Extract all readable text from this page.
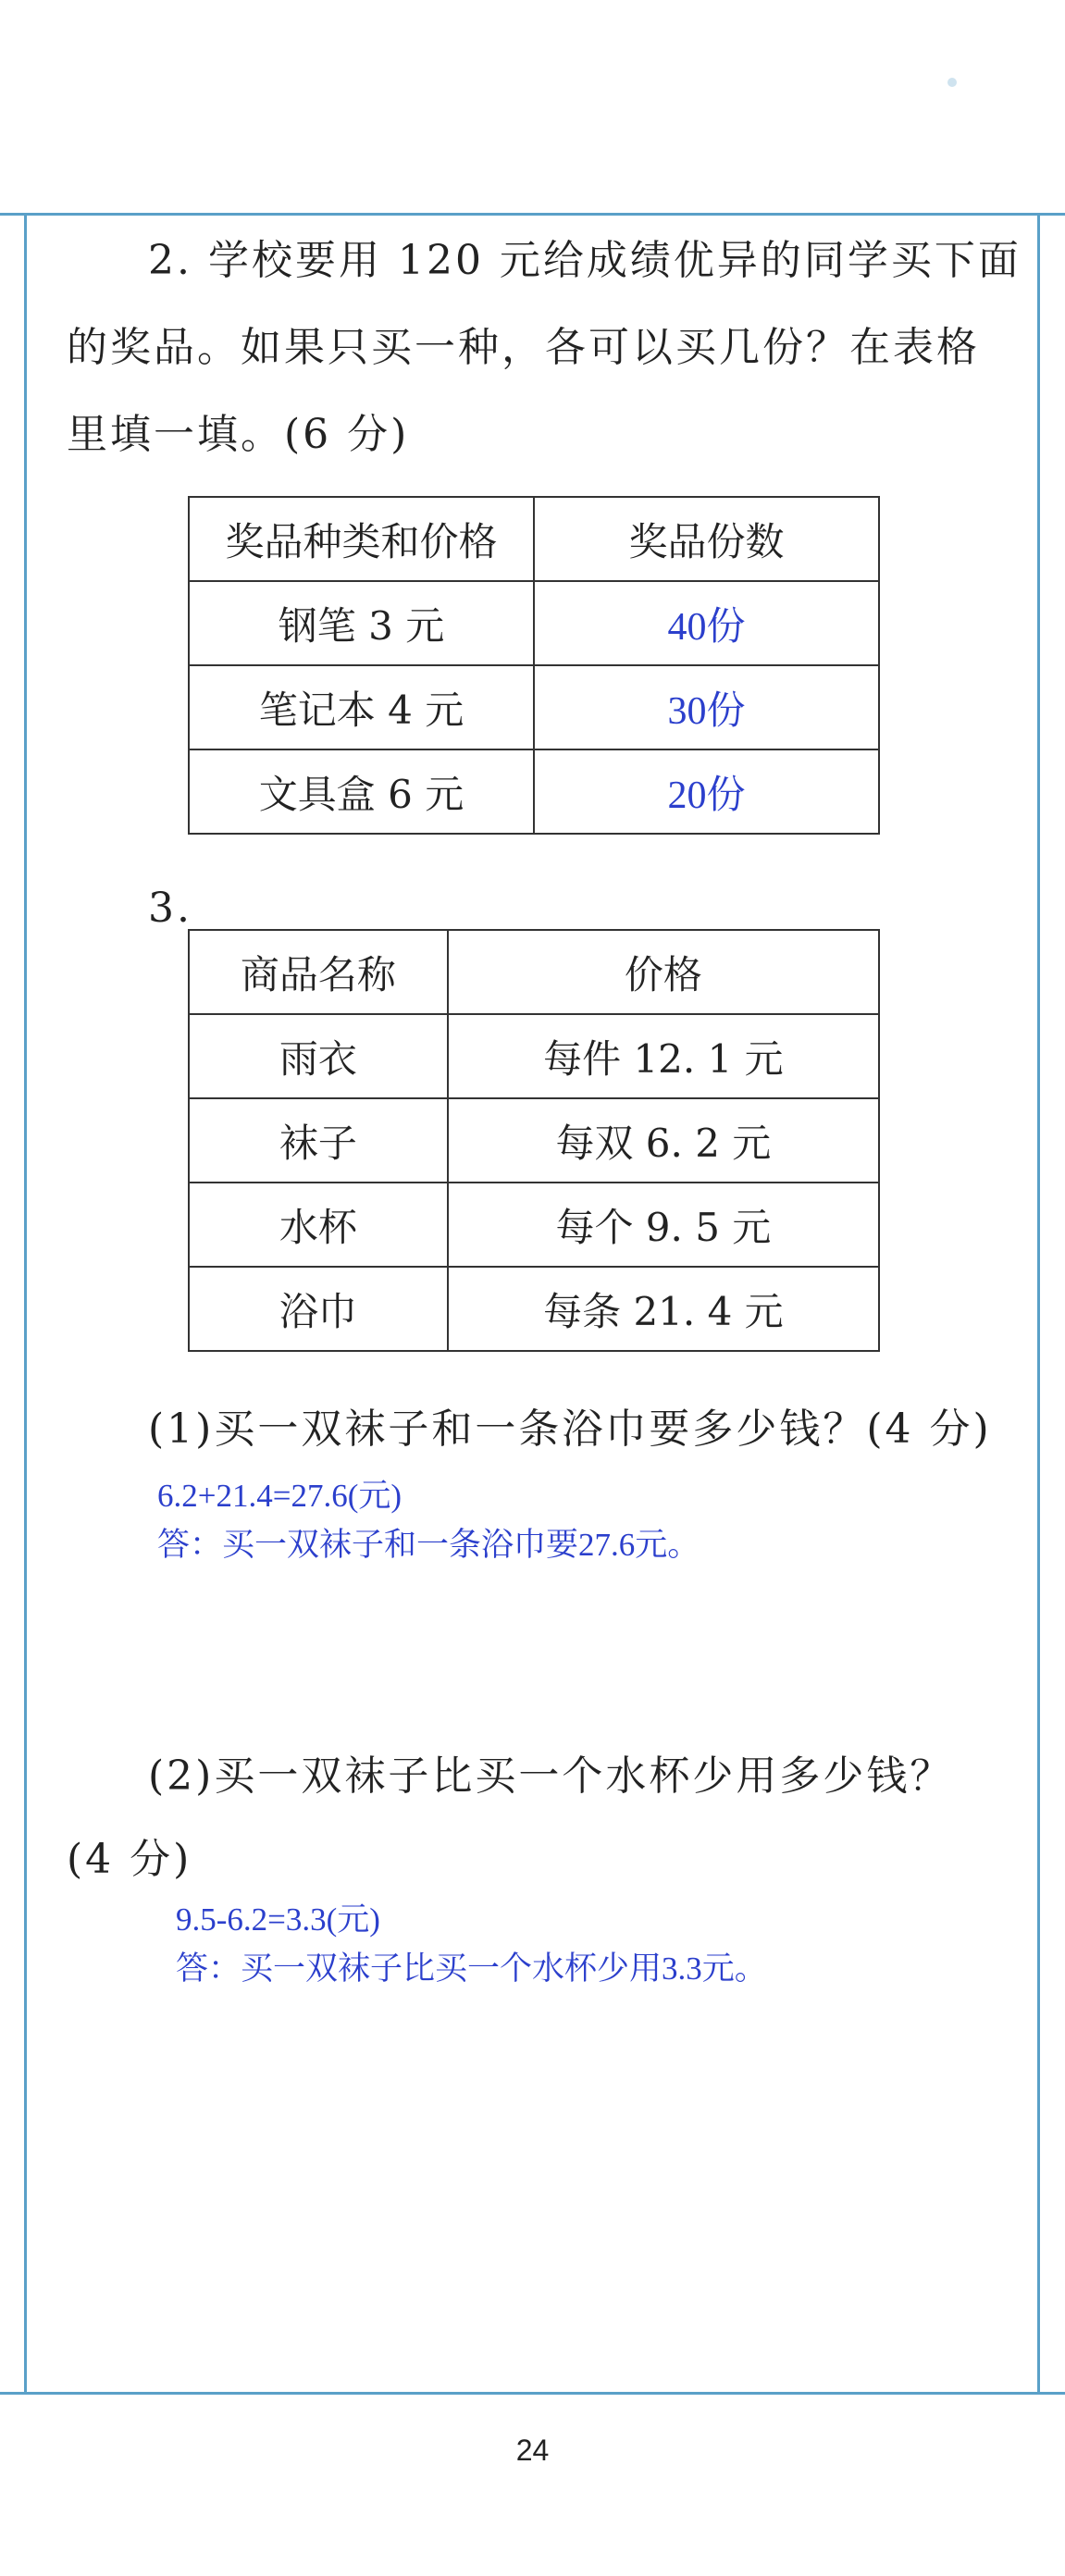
2. 学校要用 120 元给成绩优异的同学买下面
的奖品。如果只买一种，各可以买几份？在表格
里填一填。(6 分)
奖品种类和价格	奖品份数
钢笔 3 元	40份
笔记本 4 元	30份
文具盒 6 元	20份
3.
商品名称	价格
雨衣	每件 12. 1 元
袜子	每双 6. 2 元
水杯	每个 9. 5 元
浴巾	每条 21. 4 元
(1)买一双袜子和一条浴巾要多少钱？(4 分)
6.2+21.4=27.6(元)
答：买一双袜子和一条浴巾要27.6元。
(2)买一双袜子比买一个水杯少用多少钱？
(4 分)
9.5-6.2=3.3(元)
答：买一双袜子比买一个水杯少用3.3元。
24
